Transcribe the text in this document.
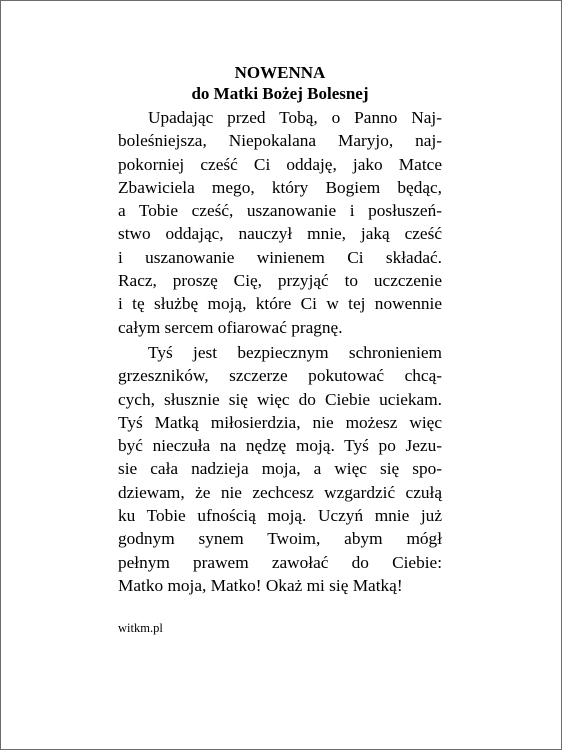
NOWENNA
do Matki Bożej Bolesnej

Upadając przed Tobą, o Panno Naj-
boleśniejsza, Niepokalana Maryjo, naj-
pokorniej cześć Ci oddaję, jako Matce
Zbawiciela mego, który Bogiem będąc,
a Tobie cześć, uszanowanie i posłuszeń-
stwo oddając, nauczył mnie, jaką cześć
i uszanowanie winienem Ci składać.
Racz, proszę Cię, przyjąć to uczczenie
i tę służbę moją, które Ci w tej nowennie
całym sercem ofiarować pragnę.

Tyś jest bezpiecznym schronieniem
grzeszników, szczerze pokutować chcą-
cych, słusznie się więc do Ciebie uciekam.
Tyś Matką miłosierdzia, nie możesz więc
być nieczuła na nędzę moją. Tyś po Jezu-
sie cała nadzieja moja, a więc się spo-
dziewam, że nie zechcesz wzgardzić czułą
ku Tobie ufnością moją. Uczyń mnie już
godnym synem Twoim, abym mógł
pełnym prawem zawołać do Ciebie:
Matko moja, Matko! Okaż mi się Matką!

witkm.pl
